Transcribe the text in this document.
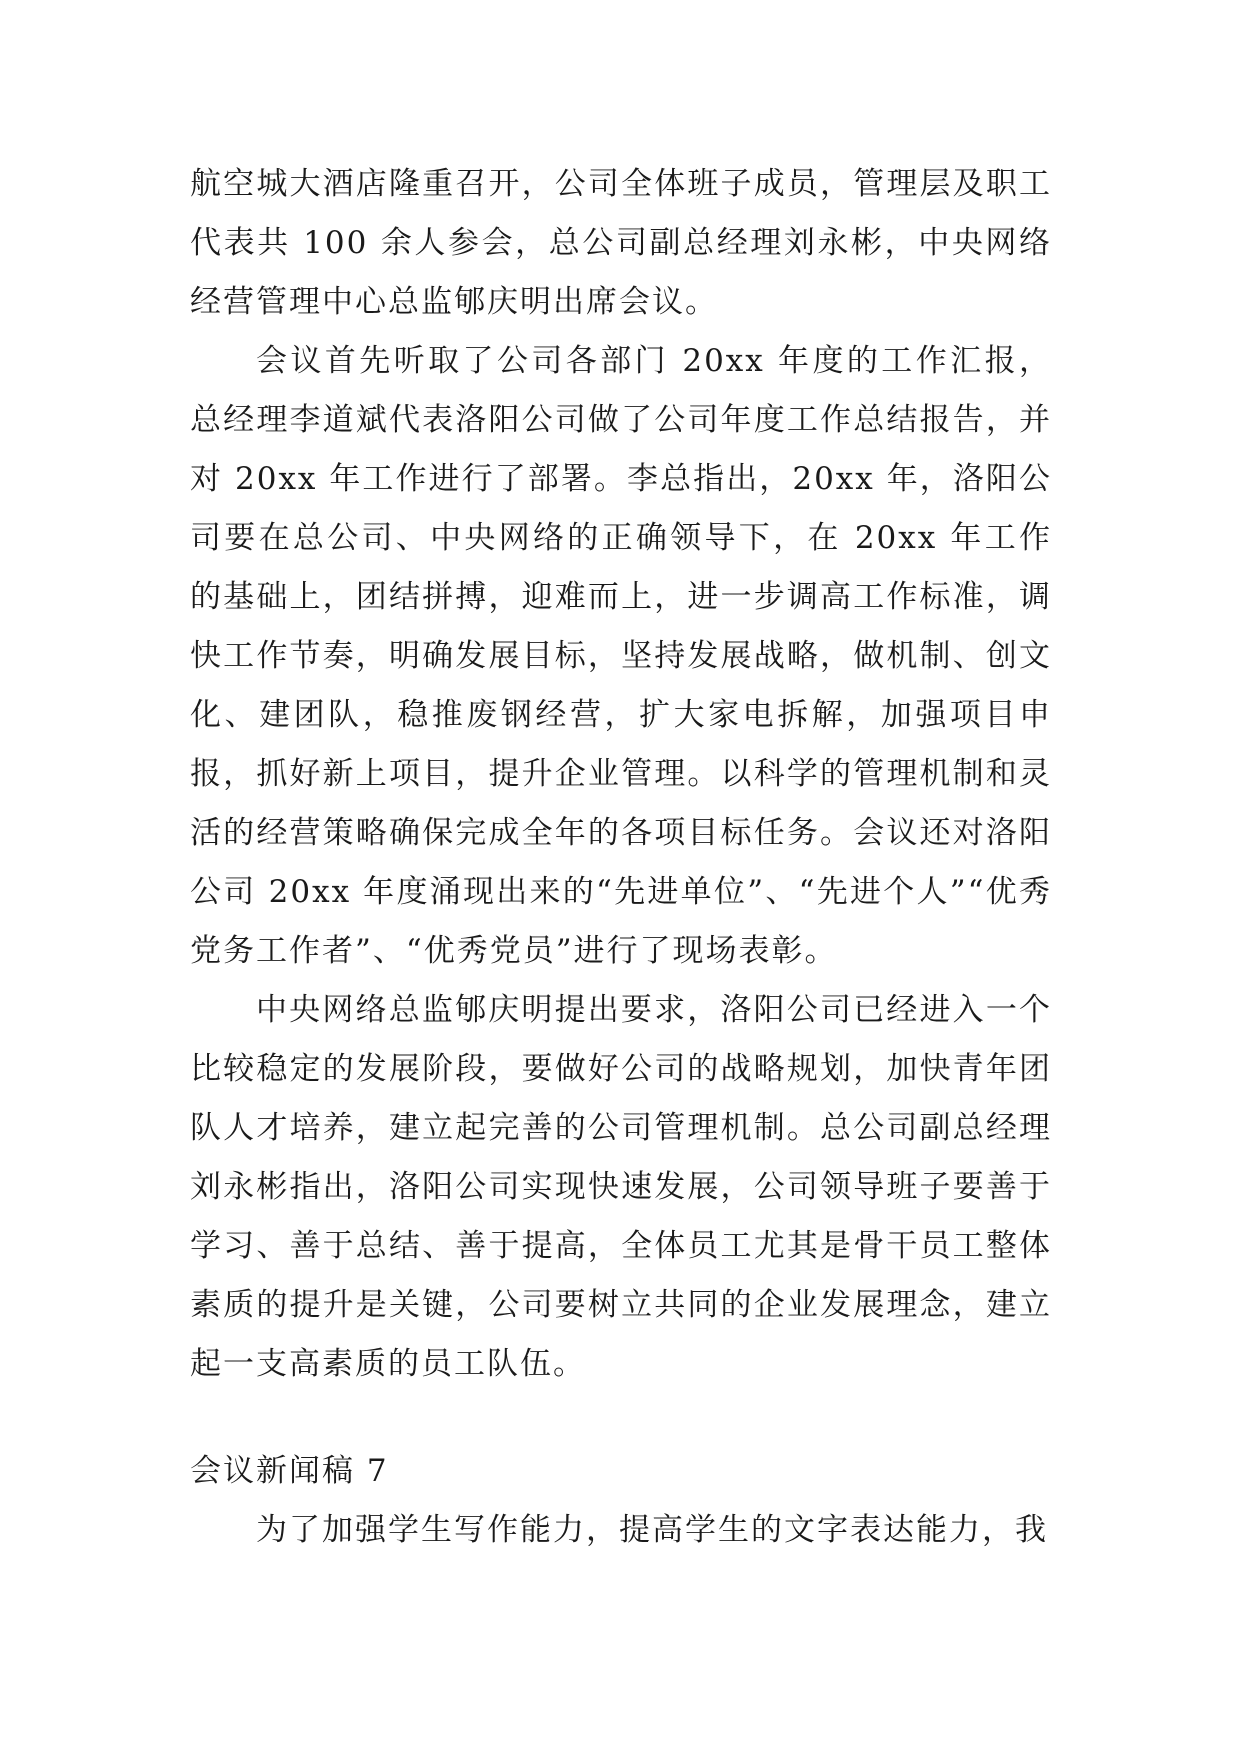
航空城大酒店隆重召开，公司全体班子成员，管理层及职工代表共 100 余人参会，总公司副总经理刘永彬，中央网络经营管理中心总监郇庆明出席会议。

会议首先听取了公司各部门 20xx 年度的工作汇报，总经理李道斌代表洛阳公司做了公司年度工作总结报告，并对 20xx 年工作进行了部署。李总指出，20xx 年，洛阳公司要在总公司、中央网络的正确领导下，在 20xx 年工作的基础上，团结拼搏，迎难而上，进一步调高工作标准，调快工作节奏，明确发展目标，坚持发展战略，做机制、创文化、建团队，稳推废钢经营，扩大家电拆解，加强项目申报，抓好新上项目，提升企业管理。以科学的管理机制和灵活的经营策略确保完成全年的各项目标任务。会议还对洛阳公司 20xx 年度涌现出来的“先进单位”、“先进个人”“优秀党务工作者”、“优秀党员”进行了现场表彰。

中央网络总监郇庆明提出要求，洛阳公司已经进入一个比较稳定的发展阶段，要做好公司的战略规划，加快青年团队人才培养，建立起完善的公司管理机制。总公司副总经理刘永彬指出，洛阳公司实现快速发展，公司领导班子要善于学习、善于总结、善于提高，全体员工尤其是骨干员工整体素质的提升是关键，公司要树立共同的企业发展理念，建立起一支高素质的员工队伍。

会议新闻稿 7

为了加强学生写作能力，提高学生的文字表达能力，我
